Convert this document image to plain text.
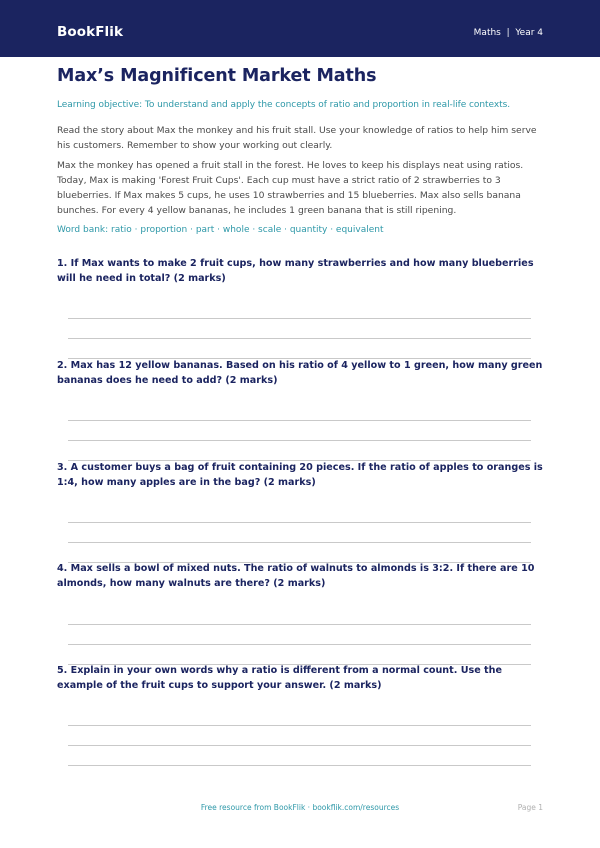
BookFlik	Maths  |  Year 4
Max’s Magnificent Market Maths
Learning objective: To understand and apply the concepts of ratio and proportion in real-life contexts.

Read the story about Max the monkey and his fruit stall. Use your knowledge of ratios to help him serve his customers. Remember to show your working out clearly.

Max the monkey has opened a fruit stall in the forest. He loves to keep his displays neat using ratios. Today, Max is making 'Forest Fruit Cups'. Each cup must have a strict ratio of 2 strawberries to 3 blueberries. If Max makes 5 cups, he uses 10 strawberries and 15 blueberries. Max also sells banana bunches. For every 4 yellow bananas, he includes 1 green banana that is still ripening.

Word bank: ratio · proportion · part · whole · scale · quantity · equivalent

1. If Max wants to make 2 fruit cups, how many strawberries and how many blueberries will he need in total? (2 marks)

2. Max has 12 yellow bananas. Based on his ratio of 4 yellow to 1 green, how many green bananas does he need to add? (2 marks)

3. A customer buys a bag of fruit containing 20 pieces. If the ratio of apples to oranges is 1:4, how many apples are in the bag? (2 marks)

4. Max sells a bowl of mixed nuts. The ratio of walnuts to almonds is 3:2. If there are 10 almonds, how many walnuts are there? (2 marks)

5. Explain in your own words why a ratio is different from a normal count. Use the example of the fruit cups to support your answer. (2 marks)

Free resource from BookFlik · bookflik.com/resources	Page 1
